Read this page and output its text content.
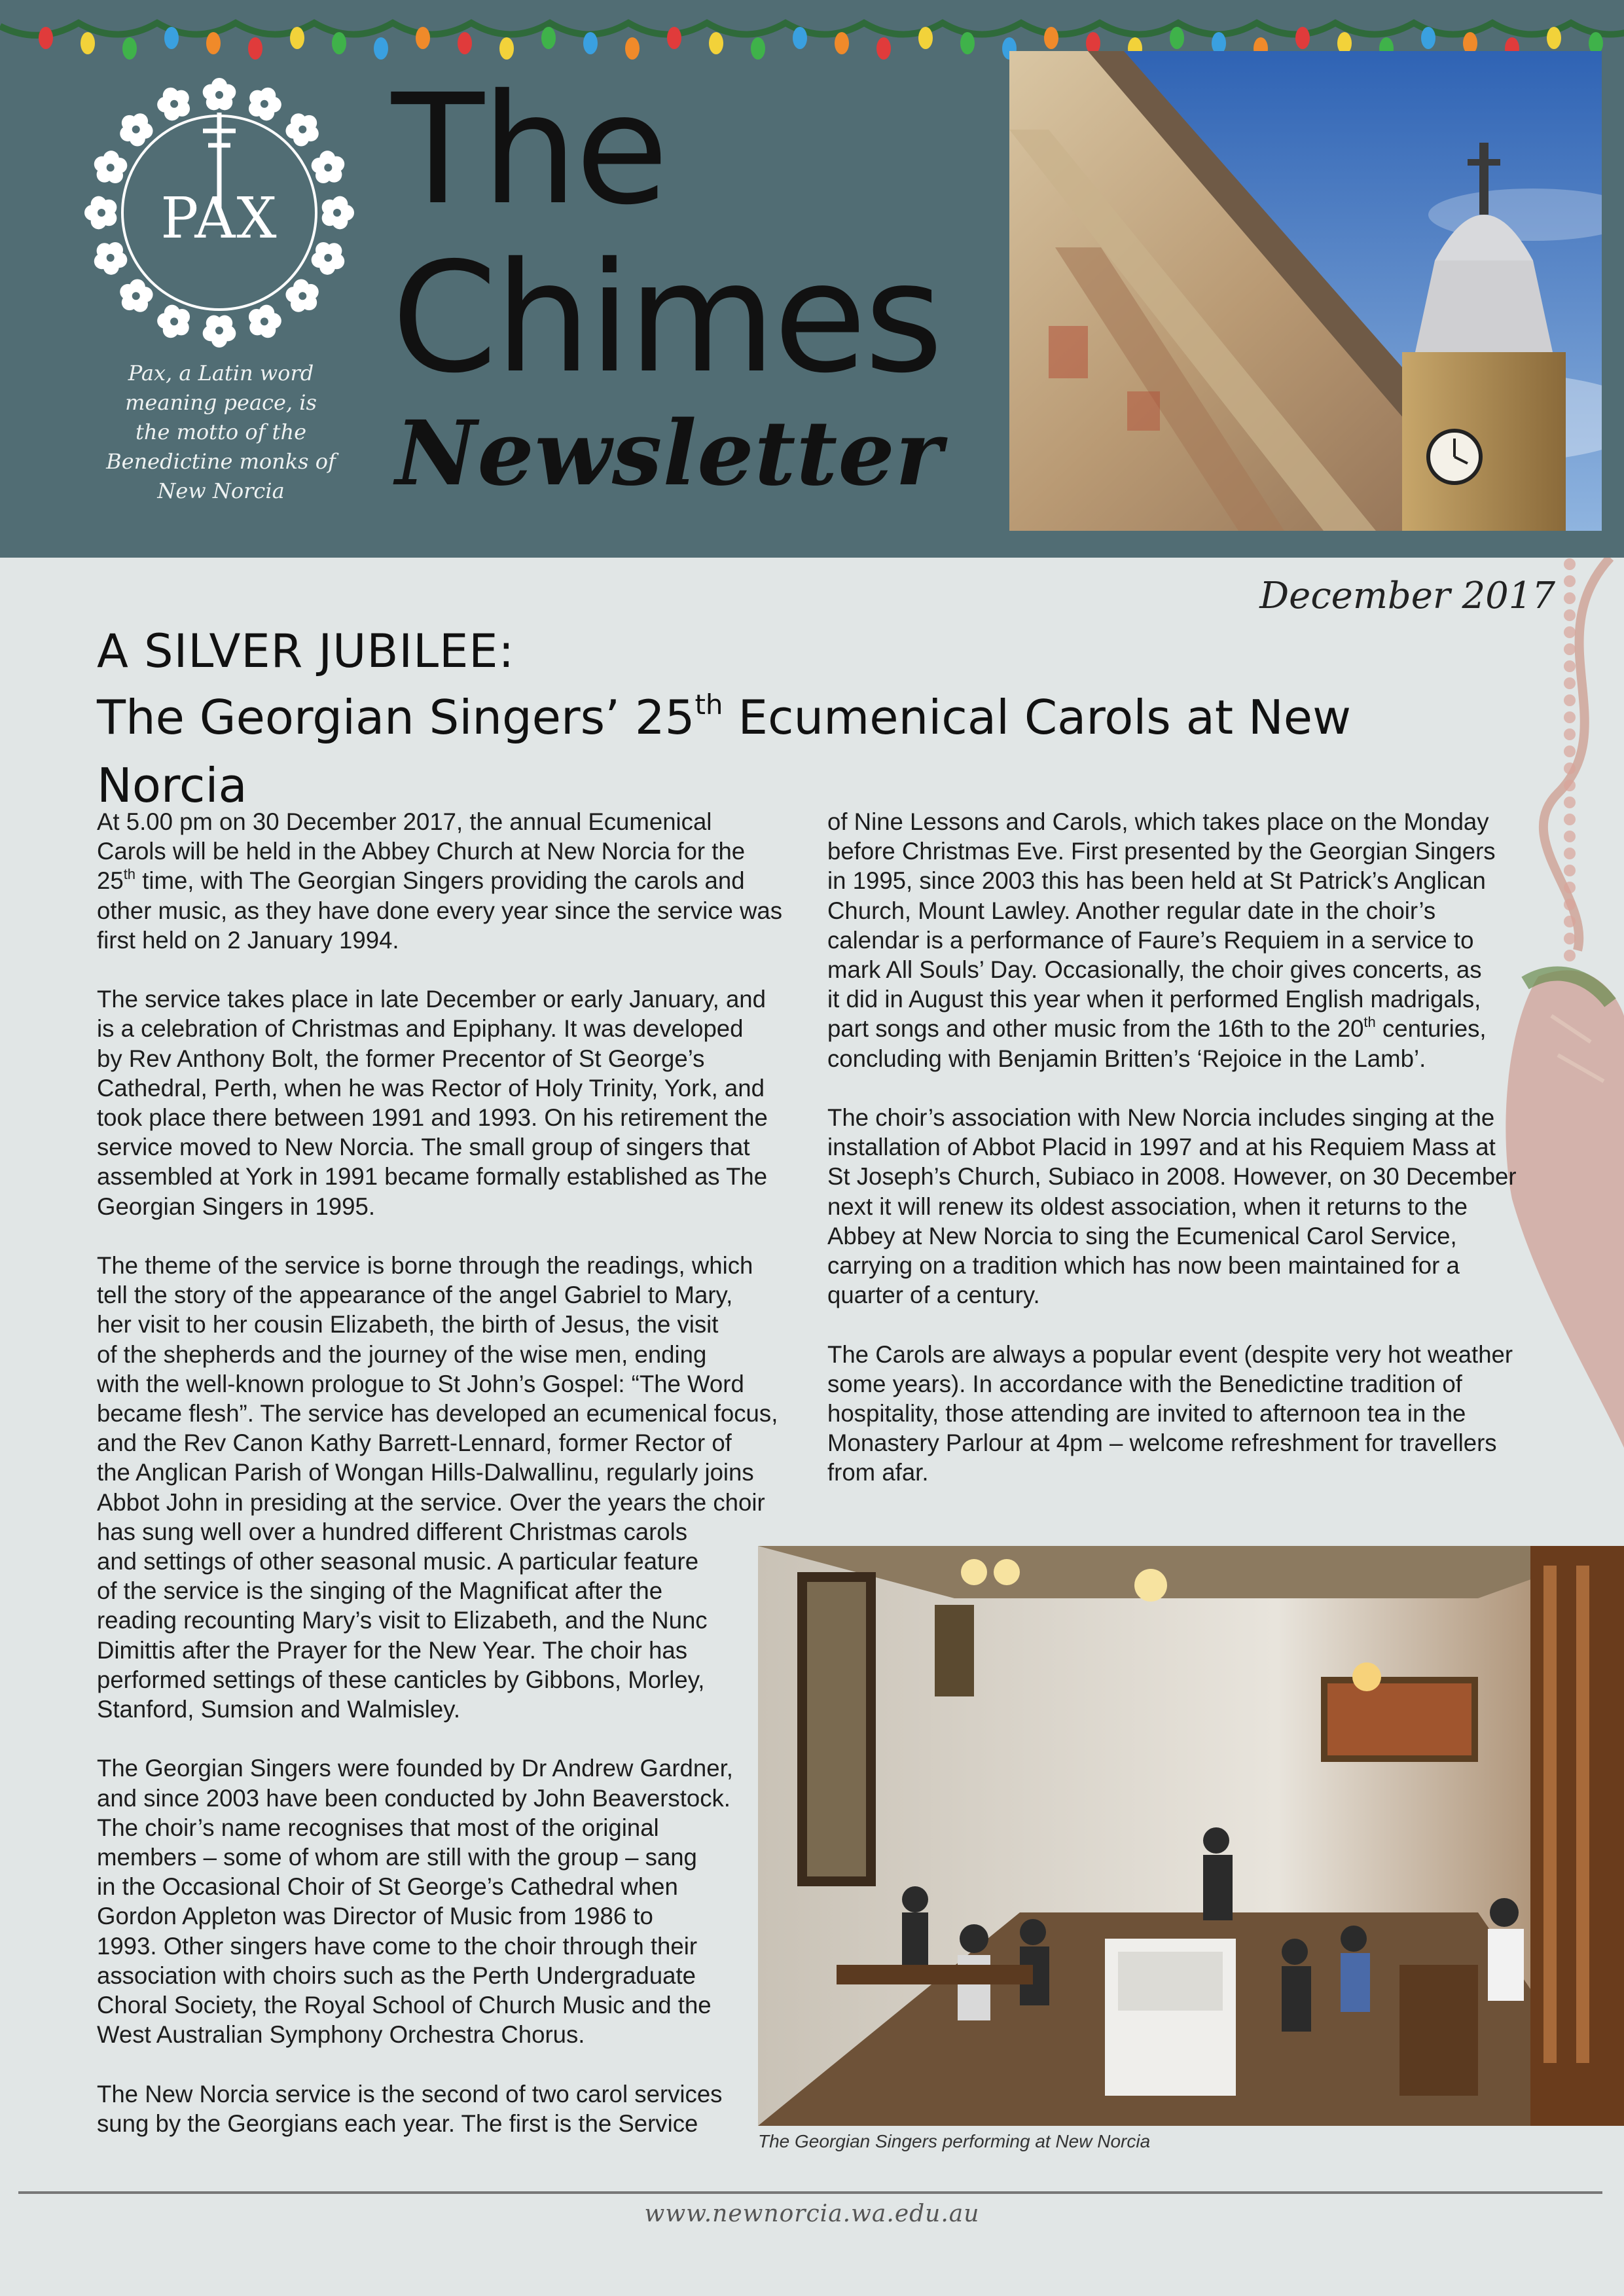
PAX
Pax, a Latin word
meaning peace, is
the motto of the
Benedictine monks of
New Norcia
The
Chimes
Newsletter
December 2017
A SILVER JUBILEE:
The Georgian Singers’ 25th Ecumenical Carols at New Norcia
At 5.00 pm on 30 December 2017, the annual Ecumenical
Carols will be held in the Abbey Church at New Norcia for the
25th time, with The Georgian Singers providing the carols and
other music, as they have done every year since the service was
first held on 2 January 1994.
The service takes place in late December or early January, and
is a celebration of Christmas and Epiphany. It was developed
by Rev Anthony Bolt, the former Precentor of St George’s
Cathedral, Perth, when he was Rector of Holy Trinity, York, and
took place there between 1991 and 1993. On his retirement the
service moved to New Norcia. The small group of singers that
assembled at York in 1991 became formally established as The
Georgian Singers in 1995.
The theme of the service is borne through the readings, which
tell the story of the appearance of the angel Gabriel to Mary,
her visit to her cousin Elizabeth, the birth of Jesus, the visit
of the shepherds and the journey of the wise men, ending
with the well-known prologue to St John’s Gospel: “The Word
became flesh”. The service has developed an ecumenical focus,
and the Rev Canon Kathy Barrett-Lennard, former Rector of
the Anglican Parish of Wongan Hills-Dalwallinu, regularly joins
Abbot John in presiding at the service. Over the years the choir
has sung well over a hundred different Christmas carols
and settings of other seasonal music. A particular feature
of the service is the singing of the Magnificat after the
reading recounting Mary’s visit to Elizabeth, and the Nunc
Dimittis after the Prayer for the New Year. The choir has
performed settings of these canticles by Gibbons, Morley,
Stanford, Sumsion and Walmisley.
The Georgian Singers were founded by Dr Andrew Gardner,
and since 2003 have been conducted by John Beaverstock.
The choir’s name recognises that most of the original
members – some of whom are still with the group – sang
in the Occasional Choir of St George’s Cathedral when
Gordon Appleton was Director of Music from 1986 to
1993. Other singers have come to the choir through their
association with choirs such as the Perth Undergraduate
Choral Society, the Royal School of Church Music and the
West Australian Symphony Orchestra Chorus.
The New Norcia service is the second of two carol services
sung by the Georgians each year. The first is the Service
of Nine Lessons and Carols, which takes place on the Monday
before Christmas Eve. First presented by the Georgian Singers
in 1995, since 2003 this has been held at St Patrick’s Anglican
Church, Mount Lawley. Another regular date in the choir’s
calendar is a performance of Faure’s Requiem in a service to
mark All Souls’ Day. Occasionally, the choir gives concerts, as
it did in August this year when it performed English madrigals,
part songs and other music from the 16th to the 20th centuries,
concluding with Benjamin Britten’s ‘Rejoice in the Lamb’.
The choir’s association with New Norcia includes singing at the
installation of Abbot Placid in 1997 and at his Requiem Mass at
St Joseph’s Church, Subiaco in 2008. However, on 30 December
next it will renew its oldest association, when it returns to the
Abbey at New Norcia to sing the Ecumenical Carol Service,
carrying on a tradition which has now been maintained for a
quarter of a century.
The Carols are always a popular event (despite very hot weather
some years). In accordance with the Benedictine tradition of
hospitality, those attending are invited to afternoon tea in the
Monastery Parlour at 4pm – welcome refreshment for travellers
from afar.
The Georgian Singers performing at New Norcia
www.newnorcia.wa.edu.au
